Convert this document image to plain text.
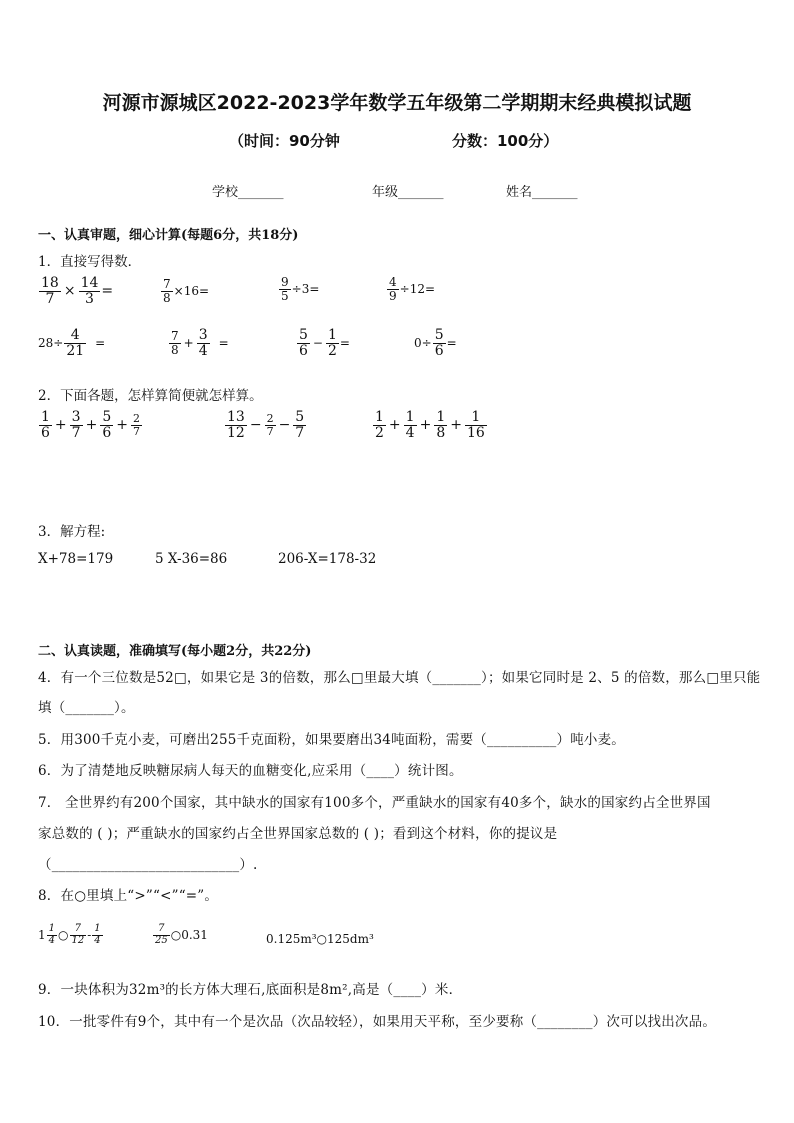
河源市源城区2022-2023学年数学五年级第二学期期末经典模拟试题
（时间：90分钟	分数：100分）
学校_______	年级_______	姓名_______
一、认真审题，细心计算(每题6分，共18分)
1．直接写得数．
$\frac{18}{7} \times \frac{14}{3}$ =	$\frac{7}{8} \times 16=$	$\frac{9}{5} \div 3=$	$\frac{4}{9} \div 12=$
$28\div \frac{4}{21}$ =	$\frac{7}{8} + \frac{3}{4}$ =	$\frac{5}{6} - \frac{1}{2}$ =	$0\div \frac{5}{6}$ =
2．下面各题，怎样算简便就怎样算。
$\frac{1}{6} + \frac{3}{7} + \frac{5}{6} + \frac{2}{7}$	$\frac{13}{12} - \frac{2}{7} - \frac{5}{7}$	$\frac{1}{2} + \frac{1}{4} + \frac{1}{8} + \frac{1}{16}$
3．解方程:
X+78=179	5 X-36=86	206-X=178-32
二、认真读题，准确填写(每小题2分，共22分)
4．有一个三位数是52□，如果它是 3的倍数，那么□里最大填（_______）；如果它同时是 2、5 的倍数，那么□里只能
填（_______）。
5．用300千克小麦，可磨出255千克面粉，如果要磨出34吨面粉，需要（__________）吨小麦。
6．为了清楚地反映糖尿病人每天的血糖变化,应采用（____）统计图。
7． 全世界约有200个国家，其中缺水的国家有100多个，严重缺水的国家有40多个，缺水的国家约占全世界国
家总数的 ( )；严重缺水的国家约占全世界国家总数的 ( )；看到这个材料，你的提议是
（___________________________）.
8．在○里填上“>”“<”“=”。
$1 \frac{1}{4}$ ○ $\frac{7}{12} - \frac{1}{4}$	$\frac{7}{25}$ ○0.31	0.125m³○125dm³
9．一块体积为32m³的长方体大理石,底面积是8m²,高是（____）米．
10．一批零件有9个，其中有一个是次品（次品较轻），如果用天平称，至少要称（________）次可以找出次品。
